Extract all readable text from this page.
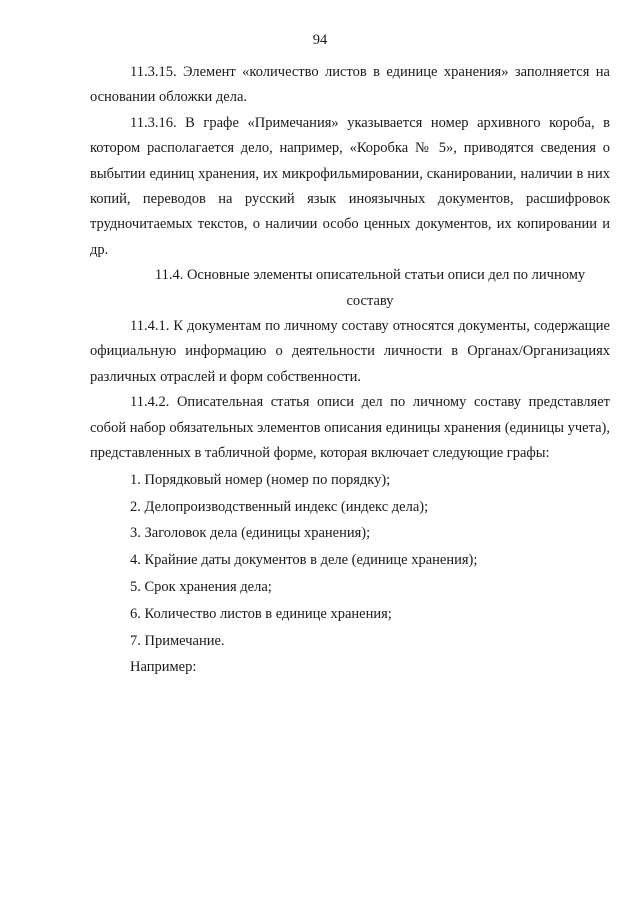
94

11.3.15. Элемент «количество листов в единице хранения» заполняется на основании обложки дела.

11.3.16. В графе «Примечания» указывается номер архивного короба, в котором располагается дело, например, «Коробка № 5», приводятся сведения о выбытии единиц хранения, их микрофильмировании, сканировании, наличии в них копий, переводов на русский язык иноязычных документов, расшифровок трудночитаемых текстов, о наличии особо ценных документов, их копировании и др.

11.4. Основные элементы описательной статьи описи дел по личному составу

11.4.1. К документам по личному составу относятся документы, содержащие официальную информацию о деятельности личности в Органах/Организациях различных отраслей и форм собственности.

11.4.2. Описательная статья описи дел по личному составу представляет собой набор обязательных элементов описания единицы хранения (единицы учета), представленных в табличной форме, которая включает следующие графы:

1. Порядковый номер (номер по порядку);

2. Делопроизводственный индекс (индекс дела);

3. Заголовок дела (единицы хранения);

4. Крайние даты документов в деле (единице хранения);

5. Срок хранения дела;

6. Количество листов в единице хранения;

7. Примечание.

Например:
